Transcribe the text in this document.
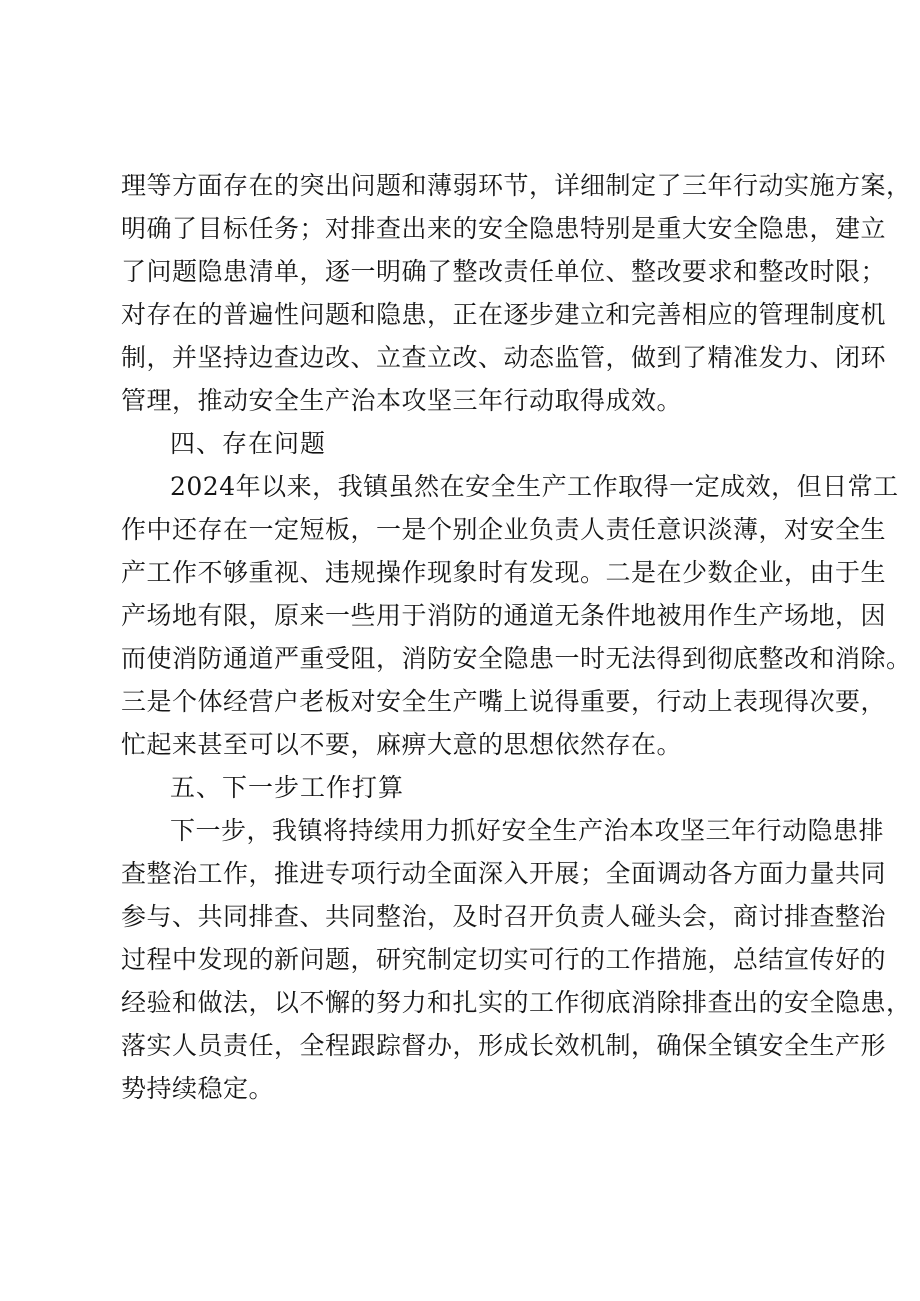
理等方面存在的突出问题和薄弱环节，详细制定了三年行动实施方案，
明确了目标任务；对排查出来的安全隐患特别是重大安全隐患，建立
了问题隐患清单，逐一明确了整改责任单位、整改要求和整改时限；
对存在的普遍性问题和隐患，正在逐步建立和完善相应的管理制度机
制，并坚持边查边改、立查立改、动态监管，做到了精准发力、闭环
管理，推动安全生产治本攻坚三年行动取得成效。
四、存在问题
2024年以来，我镇虽然在安全生产工作取得一定成效，但日常工
作中还存在一定短板，一是个别企业负责人责任意识淡薄，对安全生
产工作不够重视、违规操作现象时有发现。二是在少数企业，由于生
产场地有限，原来一些用于消防的通道无条件地被用作生产场地，因
而使消防通道严重受阻，消防安全隐患一时无法得到彻底整改和消除。
三是个体经营户老板对安全生产嘴上说得重要，行动上表现得次要，
忙起来甚至可以不要，麻痹大意的思想依然存在。
五、下一步工作打算
下一步，我镇将持续用力抓好安全生产治本攻坚三年行动隐患排
查整治工作，推进专项行动全面深入开展；全面调动各方面力量共同
参与、共同排查、共同整治，及时召开负责人碰头会，商讨排查整治
过程中发现的新问题，研究制定切实可行的工作措施，总结宣传好的
经验和做法，以不懈的努力和扎实的工作彻底消除排查出的安全隐患，
落实人员责任，全程跟踪督办，形成长效机制，确保全镇安全生产形
势持续稳定。
